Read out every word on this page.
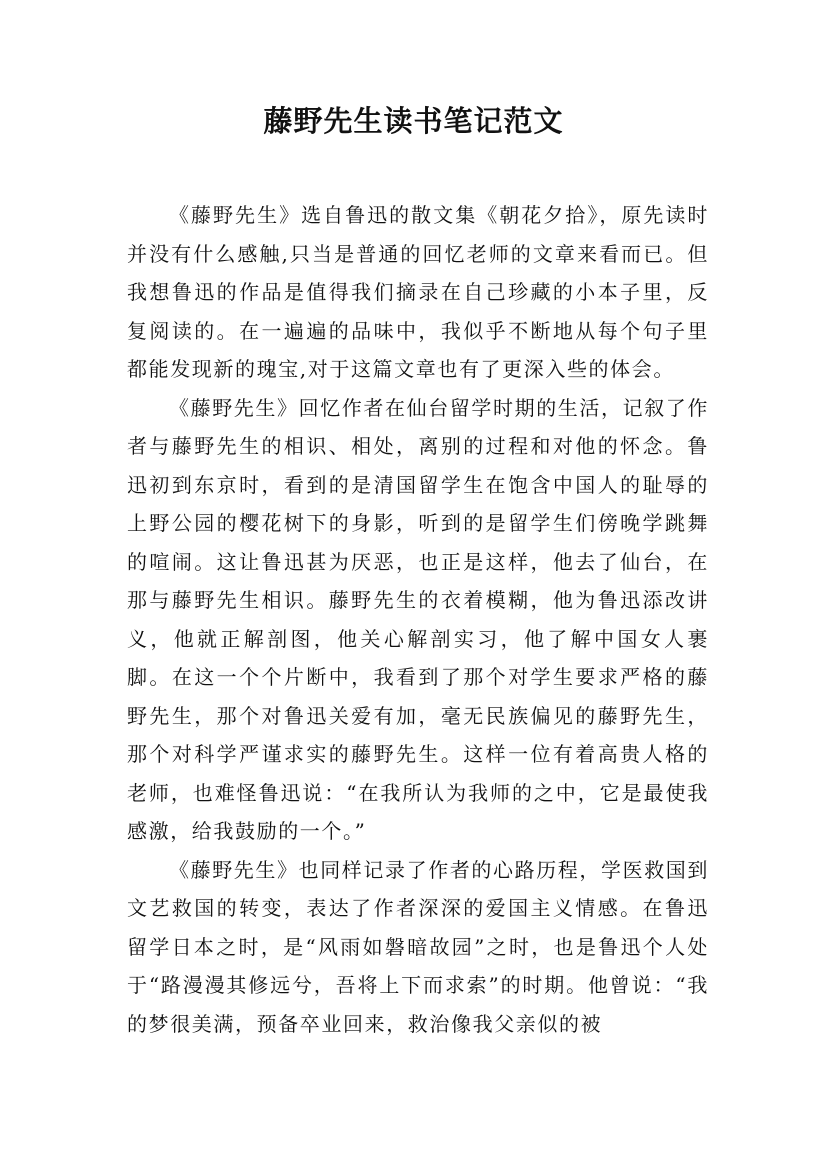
藤野先生读书笔记范文

《藤野先生》选自鲁迅的散文集《朝花夕拾》，原先读时并没有什么感触,只当是普通的回忆老师的文章来看而已。但我想鲁迅的作品是值得我们摘录在自己珍藏的小本子里，反复阅读的。在一遍遍的品味中，我似乎不断地从每个句子里都能发现新的瑰宝,对于这篇文章也有了更深入些的体会。

《藤野先生》回忆作者在仙台留学时期的生活，记叙了作者与藤野先生的相识、相处，离别的过程和对他的怀念。鲁迅初到东京时，看到的是清国留学生在饱含中国人的耻辱的上野公园的樱花树下的身影，听到的是留学生们傍晚学跳舞的喧闹。这让鲁迅甚为厌恶，也正是这样，他去了仙台，在那与藤野先生相识。藤野先生的衣着模糊，他为鲁迅添改讲义，他就正解剖图，他关心解剖实习，他了解中国女人裹脚。在这一个个片断中，我看到了那个对学生要求严格的藤野先生，那个对鲁迅关爱有加，毫无民族偏见的藤野先生，那个对科学严谨求实的藤野先生。这样一位有着高贵人格的老师，也难怪鲁迅说：“在我所认为我师的之中，它是最使我感激，给我鼓励的一个。”

《藤野先生》也同样记录了作者的心路历程，学医救国到文艺救国的转变，表达了作者深深的爱国主义情感。在鲁迅留学日本之时，是“风雨如磐暗故园”之时，也是鲁迅个人处于“路漫漫其修远兮，吾将上下而求索”的时期。他曾说：“我的梦很美满，预备卒业回来，救治像我父亲似的被
